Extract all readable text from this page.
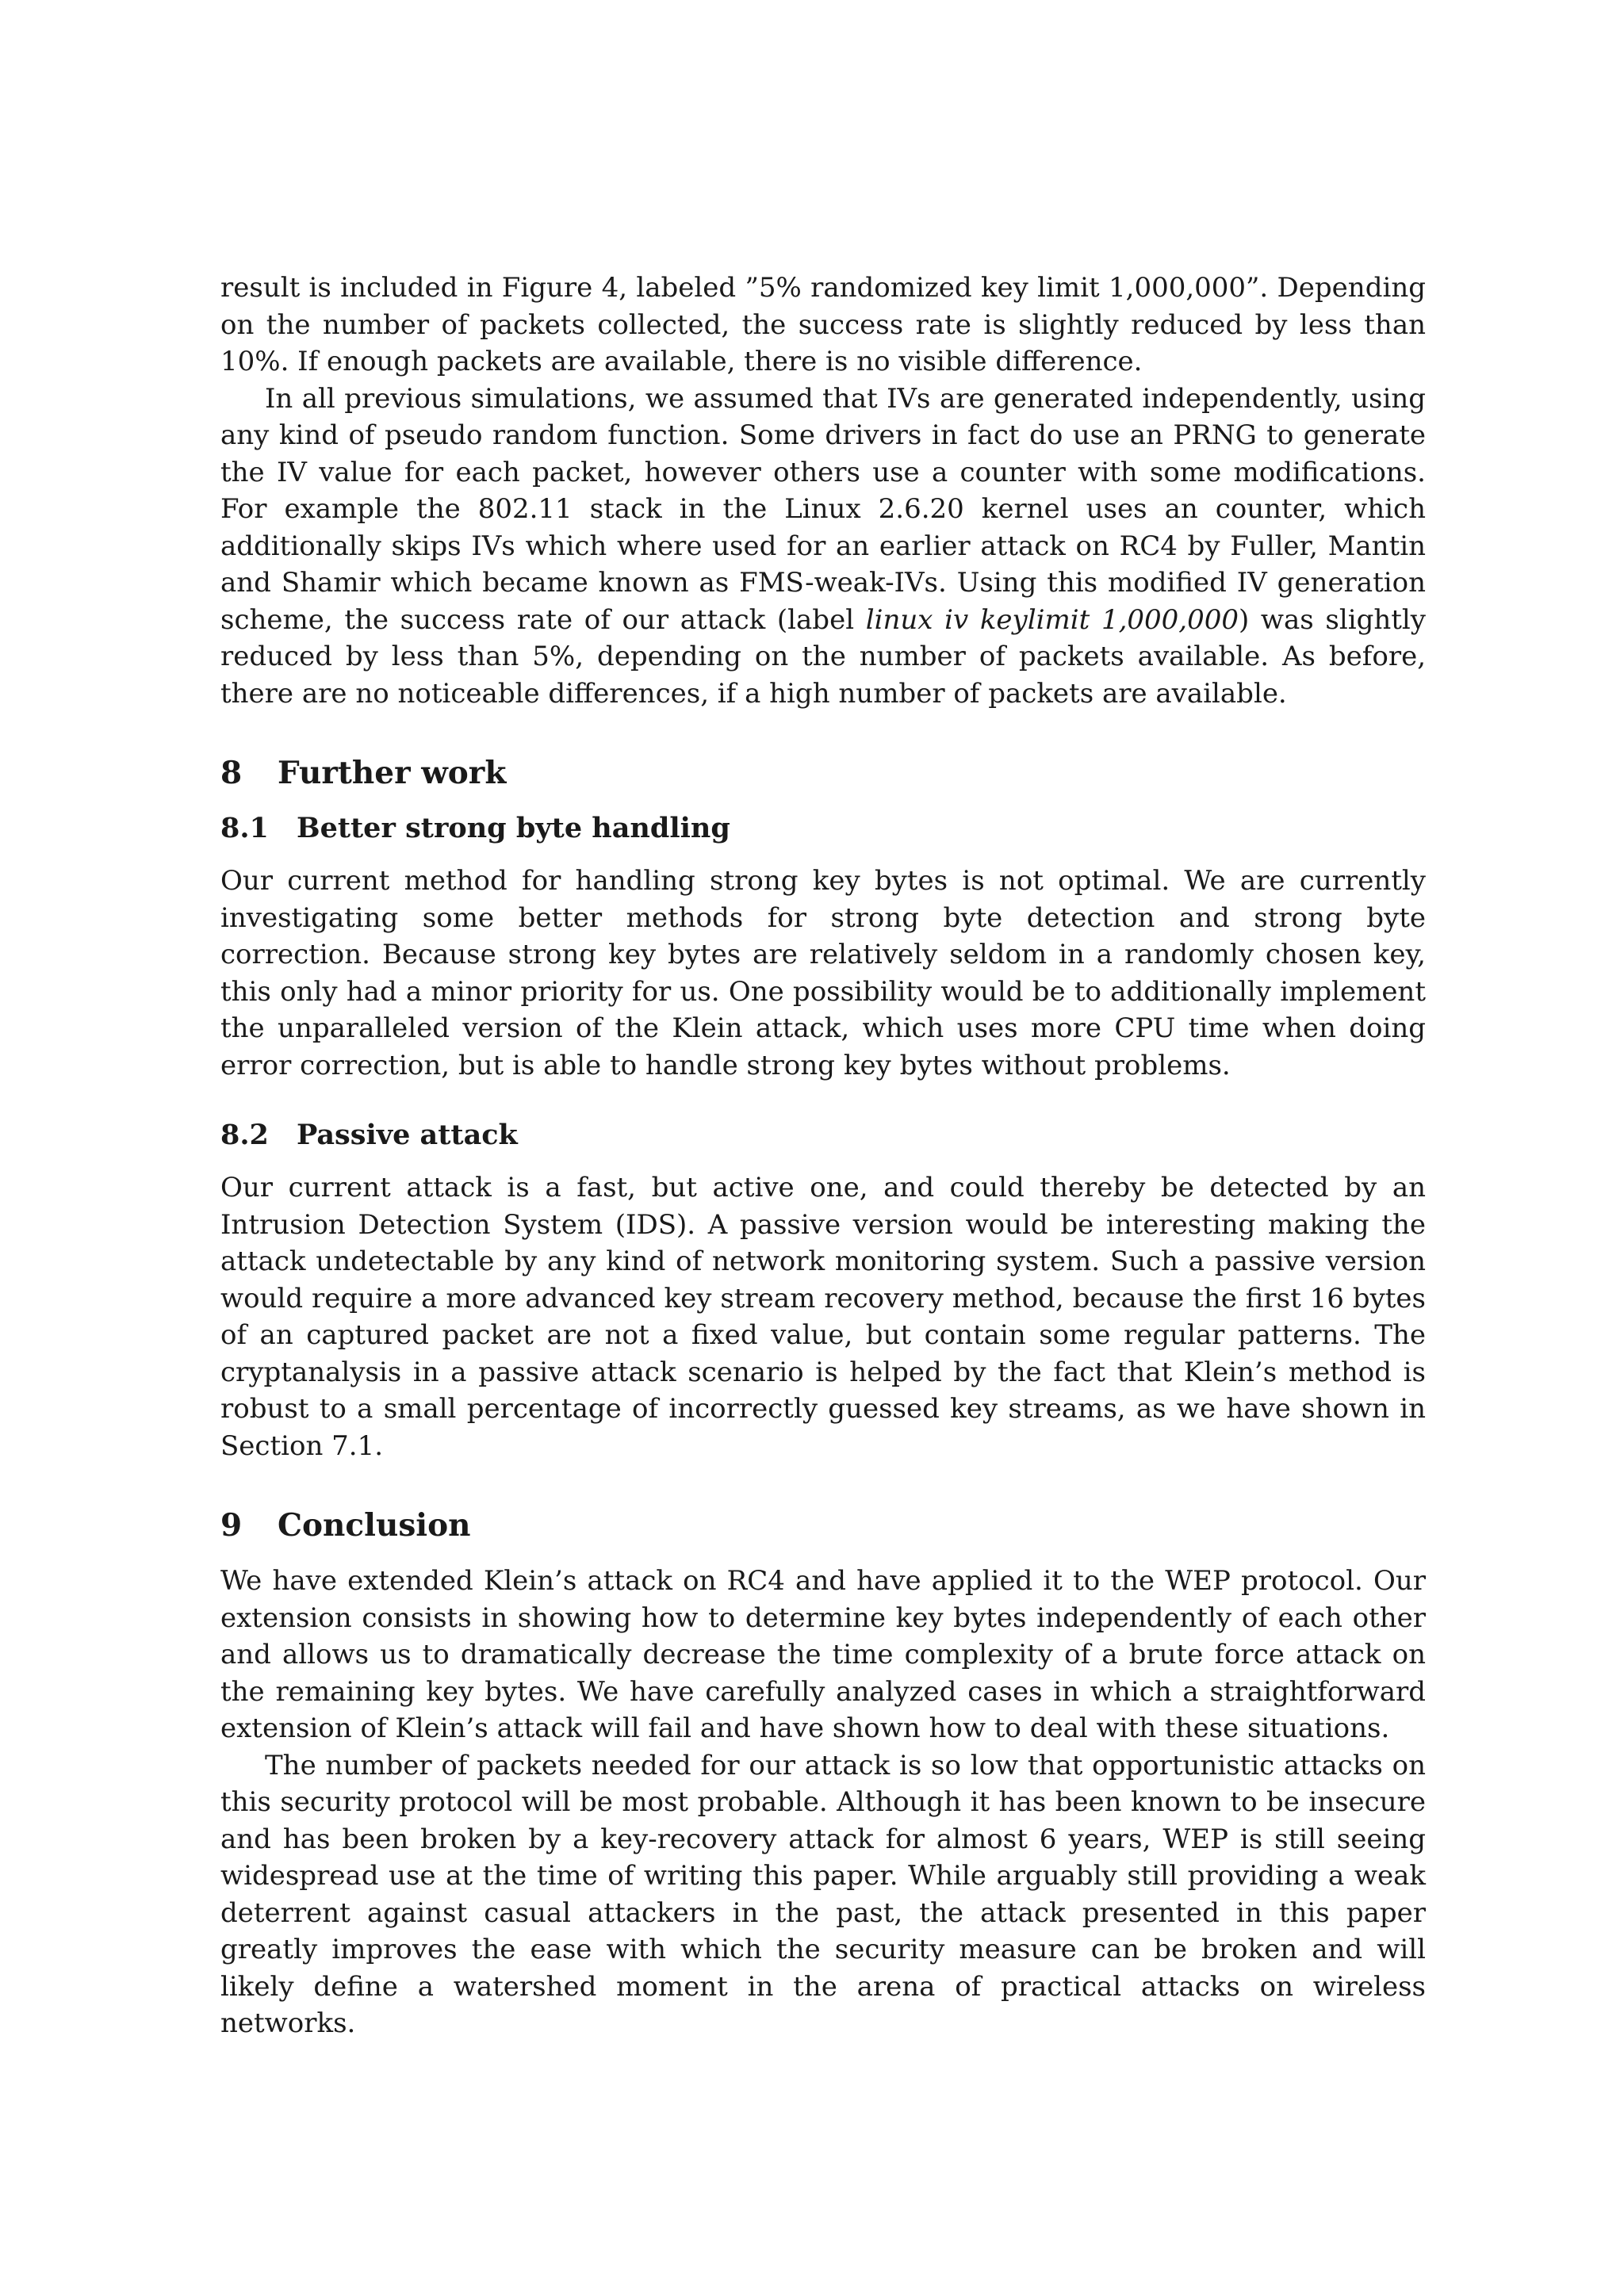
result is included in Figure 4, labeled ”5% randomized key limit 1,000,000”. Depending on the number of packets collected, the success rate is slightly reduced by less than 10%. If enough packets are available, there is no visible difference.

In all previous simulations, we assumed that IVs are generated independently, using any kind of pseudo random function. Some drivers in fact do use an PRNG to generate the IV value for each packet, however others use a counter with some modifications. For example the 802.11 stack in the Linux 2.6.20 kernel uses an counter, which additionally skips IVs which where used for an earlier attack on RC4 by Fuller, Mantin and Shamir which became known as FMS-weak-IVs. Using this modified IV generation scheme, the success rate of our attack (label linux iv keylimit 1,000,000) was slightly reduced by less than 5%, depending on the number of packets available. As before, there are no noticeable differences, if a high number of packets are available.

8 Further work
8.1 Better strong byte handling

Our current method for handling strong key bytes is not optimal. We are currently investigating some better methods for strong byte detection and strong byte correction. Because strong key bytes are relatively seldom in a randomly chosen key, this only had a minor priority for us. One possibility would be to additionally implement the unparalleled version of the Klein attack, which uses more CPU time when doing error correction, but is able to handle strong key bytes without problems.

8.2 Passive attack

Our current attack is a fast, but active one, and could thereby be detected by an Intrusion Detection System (IDS). A passive version would be interesting making the attack undetectable by any kind of network monitoring system. Such a passive version would require a more advanced key stream recovery method, because the first 16 bytes of an captured packet are not a fixed value, but contain some regular patterns. The cryptanalysis in a passive attack scenario is helped by the fact that Klein’s method is robust to a small percentage of incorrectly guessed key streams, as we have shown in Section 7.1.

9 Conclusion

We have extended Klein’s attack on RC4 and have applied it to the WEP protocol. Our extension consists in showing how to determine key bytes independently of each other and allows us to dramatically decrease the time complexity of a brute force attack on the remaining key bytes. We have carefully analyzed cases in which a straightforward extension of Klein’s attack will fail and have shown how to deal with these situations.

The number of packets needed for our attack is so low that opportunistic attacks on this security protocol will be most probable. Although it has been known to be insecure and has been broken by a key-recovery attack for almost 6 years, WEP is still seeing widespread use at the time of writing this paper. While arguably still providing a weak deterrent against casual attackers in the past, the attack presented in this paper greatly improves the ease with which the security measure can be broken and will likely define a watershed moment in the arena of practical attacks on wireless networks.
